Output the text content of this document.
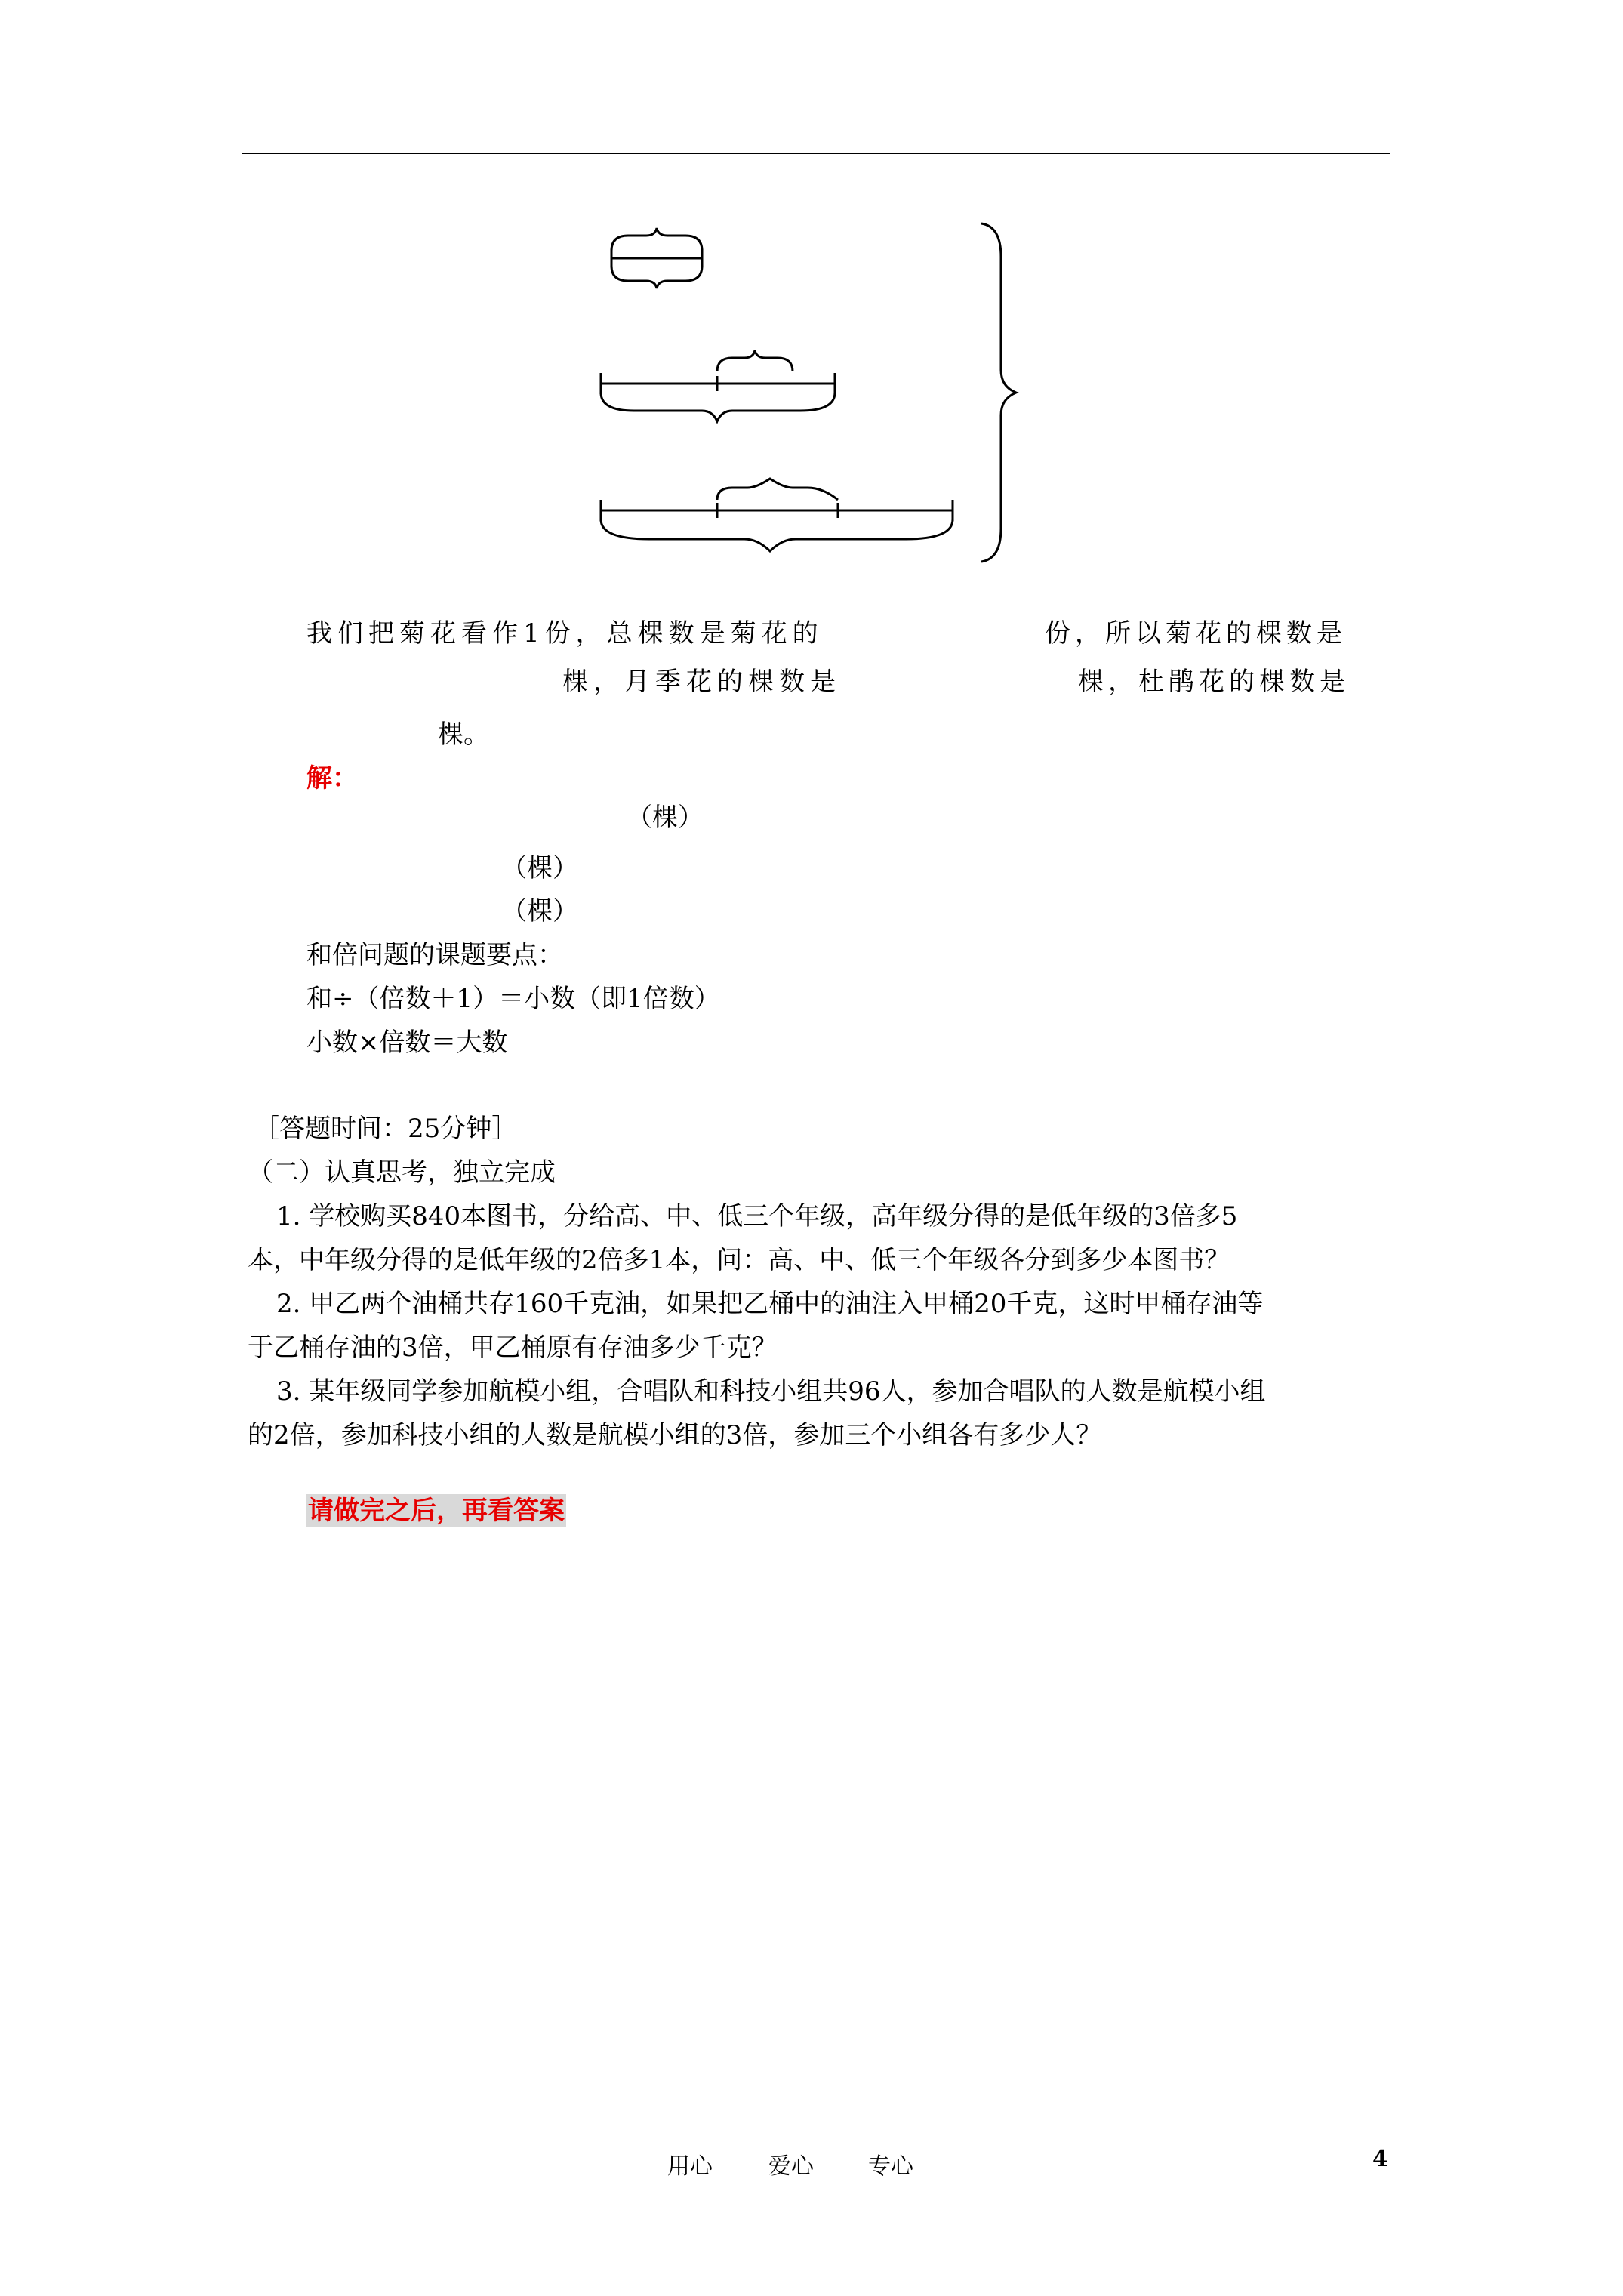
我们把菊花看作1份，总棵数是菊花的	份，所以菊花的棵数是
棵，月季花的棵数是	棵，杜鹃花的棵数是
棵。
解：
（棵）
（棵）
（棵）
和倍问题的课题要点：
和÷（倍数＋1）＝小数（即1倍数）
小数×倍数＝大数
［答题时间：25分钟］
（二）认真思考，独立完成
1. 学校购买840本图书，分给高、中、低三个年级，高年级分得的是低年级的3倍多5
本，中年级分得的是低年级的2倍多1本，问：高、中、低三个年级各分到多少本图书？
2. 甲乙两个油桶共存160千克油，如果把乙桶中的油注入甲桶20千克，这时甲桶存油等
于乙桶存油的3倍，甲乙桶原有存油多少千克？
3. 某年级同学参加航模小组，合唱队和科技小组共96人，参加合唱队的人数是航模小组
的2倍，参加科技小组的人数是航模小组的3倍，参加三个小组各有多少人？
请做完之后，再看答案
用心 爱心 专心	4
